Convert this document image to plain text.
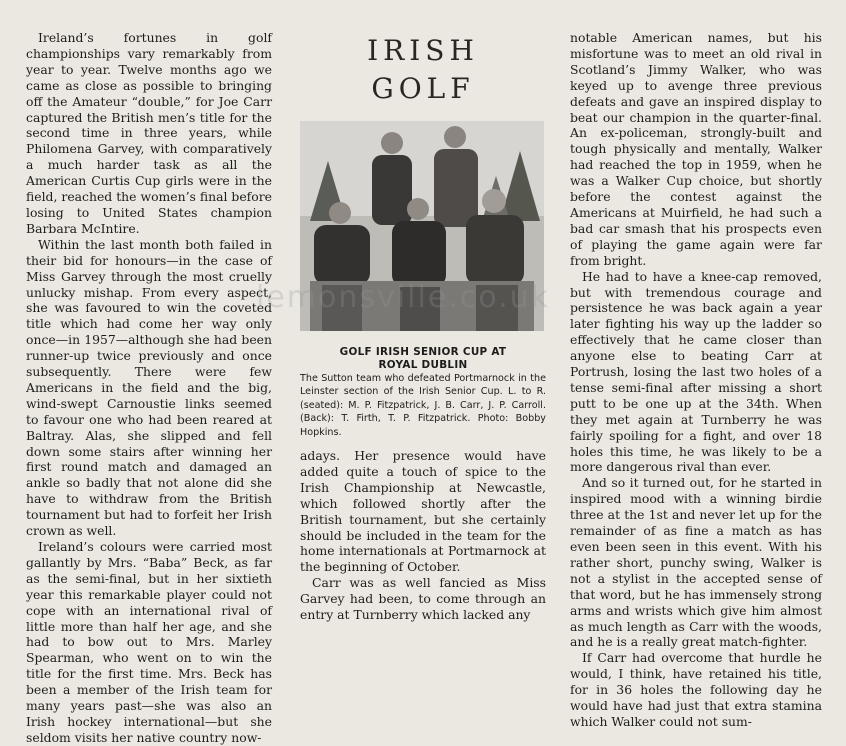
IRISH
GOLF

Ireland’s fortunes in golf championships vary remarkably from year to year. Twelve months ago we came as close as possible to bringing off the Amateur “double,” for Joe Carr captured the British men’s title for the second time in three years, while Philomena Garvey, with comparatively a much harder task as all the American Curtis Cup girls were in the field, reached the women’s final before losing to United States champion Barbara McIntire.

Within the last month both failed in their bid for honours—in the case of Miss Garvey through the most cruelly unlucky mishap. From every aspect, she was favoured to win the coveted title which had come her way only once—in 1957—although she had been runner-up twice previously and once subsequently. There were few Americans in the field and the big, wind-swept Carnoustie links seemed to favour one who had been reared at Baltray. Alas, she slipped and fell down some stairs after winning her first round match and damaged an ankle so badly that not alone did she have to withdraw from the British tournament but had to forfeit her Irish crown as well.

Ireland’s colours were carried most gallantly by Mrs. “Baba” Beck, as far as the semi-final, but in her sixtieth year this remarkable player could not cope with an international rival of little more than half her age, and she had to bow out to Mrs. Marley Spearman, who went on to win the title for the first time. Mrs. Beck has been a member of the Irish team for many years past—she was also an Irish hockey international—but she seldom visits her native country now-

lemonsville.co.uk
GOLF IRISH SENIOR CUP AT
ROYAL DUBLIN
The Sutton team who defeated Portmarnock in the Leinster section of the Irish Senior Cup. L. to R. (seated): M. P. Fitzpatrick, J. B. Carr, J. P. Carroll. (Back): T. Firth, T. P. Fitzpatrick. Photo: Bobby Hopkins.

adays. Her presence would have added quite a touch of spice to the Irish Championship at Newcastle, which followed shortly after the British tournament, but she certainly should be included in the team for the home internationals at Portmarnock at the beginning of October.

Carr was as well fancied as Miss Garvey had been, to come through an entry at Turnberry which lacked any

notable American names, but his misfortune was to meet an old rival in Scotland’s Jimmy Walker, who was keyed up to avenge three previous defeats and gave an inspired display to beat our champion in the quarter-final. An ex-policeman, strongly-built and tough physically and mentally, Walker had reached the top in 1959, when he was a Walker Cup choice, but shortly before the contest against the Americans at Muirfield, he had such a bad car smash that his prospects even of playing the game again were far from bright.

He had to have a knee-cap removed, but with tremendous courage and persistence he was back again a year later fighting his way up the ladder so effectively that he came closer than anyone else to beating Carr at Portrush, losing the last two holes of a tense semi-final after missing a short putt to be one up at the 34th. When they met again at Turnberry he was fairly spoiling for a fight, and over 18 holes this time, he was likely to be a more dangerous rival than ever.

And so it turned out, for he started in inspired mood with a winning birdie three at the 1st and never let up for the remainder of as fine a match as has even been seen in this event. With his rather short, punchy swing, Walker is not a stylist in the accepted sense of that word, but he has immensely strong arms and wrists which give him almost as much length as Carr with the woods, and he is a really great match-fighter.

If Carr had overcome that hurdle he would, I think, have retained his title, for in 36 holes the following day he would have had just that extra stamina which Walker could not sum-
